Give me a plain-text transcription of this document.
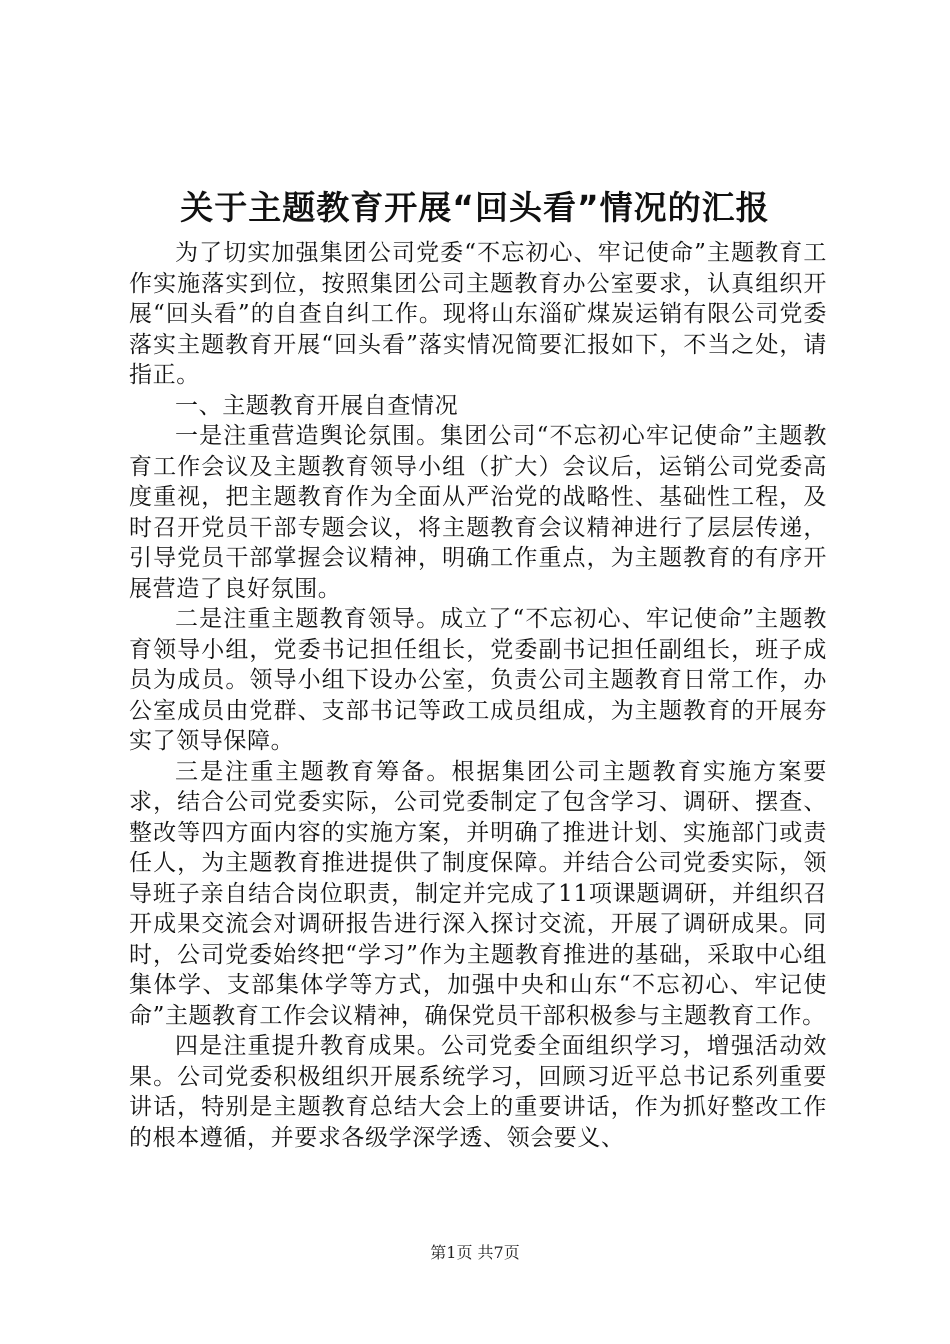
关于主题教育开展“回头看”情况的汇报

为了切实加强集团公司党委“不忘初心、牢记使命”主题教育工作实施落实到位，按照集团公司主题教育办公室要求，认真组织开展“回头看”的自查自纠工作。现将山东淄矿煤炭运销有限公司党委落实主题教育开展“回头看”落实情况简要汇报如下，不当之处，请指正。

一、主题教育开展自查情况

一是注重营造舆论氛围。集团公司“不忘初心牢记使命”主题教育工作会议及主题教育领导小组（扩大）会议后，运销公司党委高度重视，把主题教育作为全面从严治党的战略性、基础性工程，及时召开党员干部专题会议，将主题教育会议精神进行了层层传递，引导党员干部掌握会议精神，明确工作重点，为主题教育的有序开展营造了良好氛围。

二是注重主题教育领导。成立了“不忘初心、牢记使命”主题教育领导小组，党委书记担任组长，党委副书记担任副组长，班子成员为成员。领导小组下设办公室，负责公司主题教育日常工作，办公室成员由党群、支部书记等政工成员组成，为主题教育的开展夯实了领导保障。

三是注重主题教育筹备。根据集团公司主题教育实施方案要求，结合公司党委实际，公司党委制定了包含学习、调研、摆查、整改等四方面内容的实施方案，并明确了推进计划、实施部门或责任人，为主题教育推进提供了制度保障。并结合公司党委实际，领导班子亲自结合岗位职责，制定并完成了11项课题调研，并组织召开成果交流会对调研报告进行深入探讨交流，开展了调研成果。同时，公司党委始终把“学习”作为主题教育推进的基础，采取中心组集体学、支部集体学等方式，加强中央和山东“不忘初心、牢记使命”主题教育工作会议精神，确保党员干部积极参与主题教育工作。

四是注重提升教育成果。公司党委全面组织学习，增强活动效果。公司党委积极组织开展系统学习，回顾习近平总书记系列重要讲话，特别是主题教育总结大会上的重要讲话，作为抓好整改工作的根本遵循，并要求各级学深学透、领会要义、

第1页 共7页
